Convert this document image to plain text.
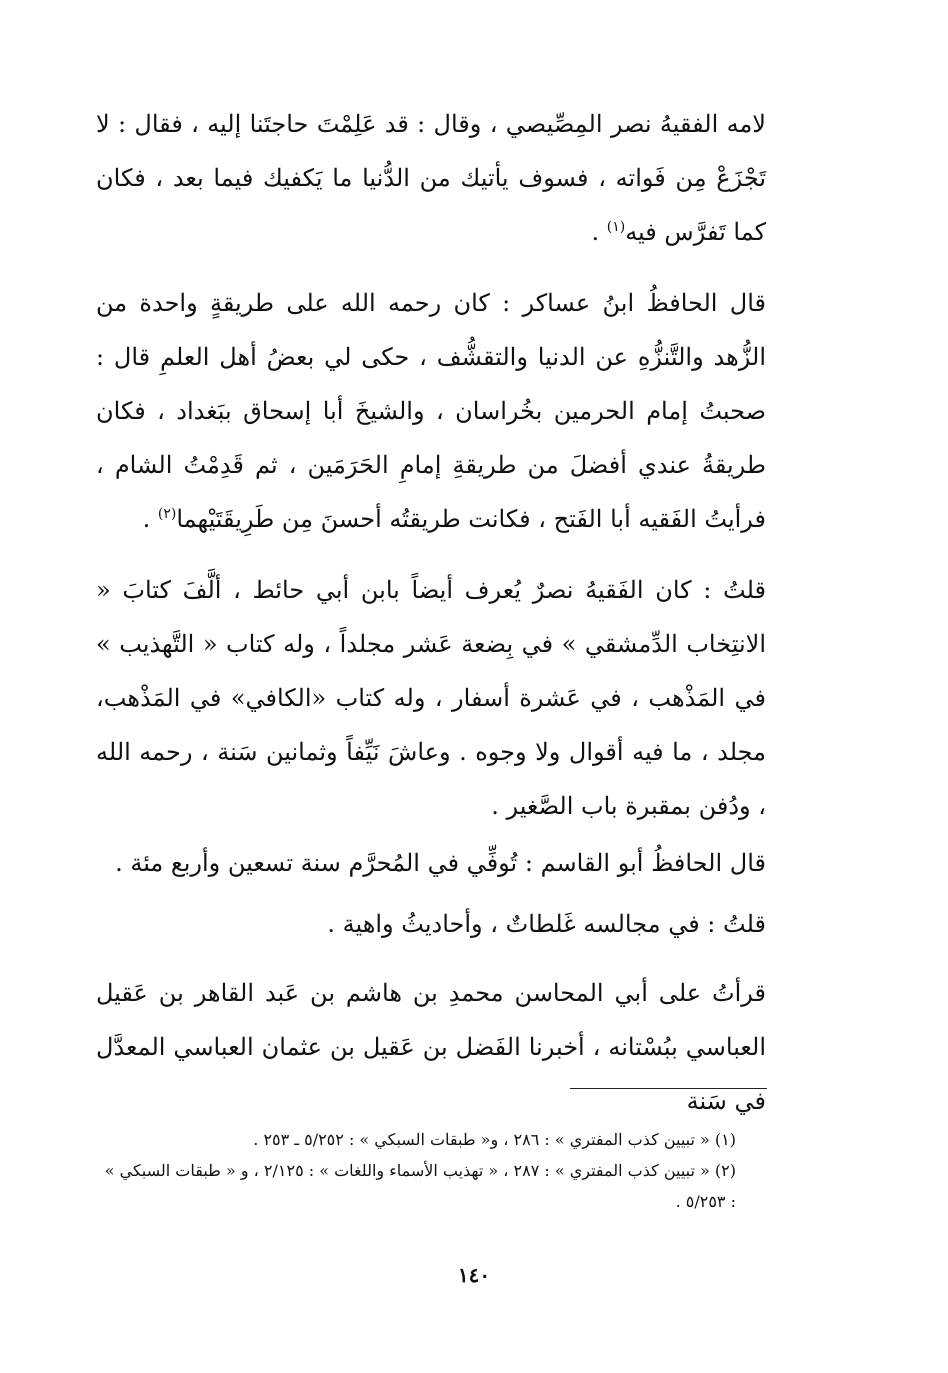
لامه الفقيهُ نصر المِصِّيصي ، وقال : قد عَلِمْتَ حاجتَنا إليه ، فقال : لا تَجْزَعْ مِن فَواته ، فسوف يأتيك من الدُّنيا ما يَكفيك فيما بعد ، فكان كما تَفرَّس فيه$^{(١)}$ .

قال الحافظُ ابنُ عساكر : كان رحمه الله على طريقةٍ واحدة من الزُّهد والتَّنزُّهِ عن الدنيا والتقشُّف ، حكى لي بعضُ أهل العلمِ قال : صحبتُ إمام الحرمين بخُراسان ، والشيخَ أبا إسحاق ببَغداد ، فكان طريقةُ عندي أفضلَ من طريقةِ إمامِ الحَرَمَين ، ثم قَدِمْتُ الشام ، فرأيتُ الفَقيه أبا الفَتح ، فكانت طريقتُه أحسنَ مِن طَرِيقَتَيْهما$^{(٢)}$ .

قلتُ : كان الفَقيهُ نصرٌ يُعرف أيضاً بابن أبي حائط ، ألَّفَ كتابَ « الانتِخاب الدِّمشقي » في بِضعة عَشر مجلداً ، وله كتاب « التَّهذيب » في المَذْهب ، في عَشرة أسفار ، وله كتاب «الكافي» في المَذْهب، مجلد ، ما فيه أقوال ولا وجوه . وعاشَ نَيِّفاً وثمانين سَنة ، رحمه الله ، ودُفن بمقبرة باب الصَّغير .

قال الحافظُ أبو القاسم : تُوفِّي في المُحرَّم سنة تسعين وأربع مئة .

قلتُ : في مجالسه غَلطاتٌ ، وأحاديثُ واهية .

قرأتُ على أبي المحاسن محمدِ بن هاشم بن عَبد القاهر بن عَقيل العباسي ببُسْتانه ، أخبرنا الفَضل بن عَقيل بن عثمان العباسي المعدَّل في سَنة

(١) « تبيين كذب المفتري » : ٢٨٦ ، و« طبقات السبكي » : ٥/٢٥٢ ـ ٢٥٣ .

(٢) « تبيين كذب المفتري » : ٢٨٧ ، « تهذيب الأسماء واللغات » : ٢/١٢٥ ، و « طبقات السبكي » : ٥/٢٥٣ .

١٤٠
